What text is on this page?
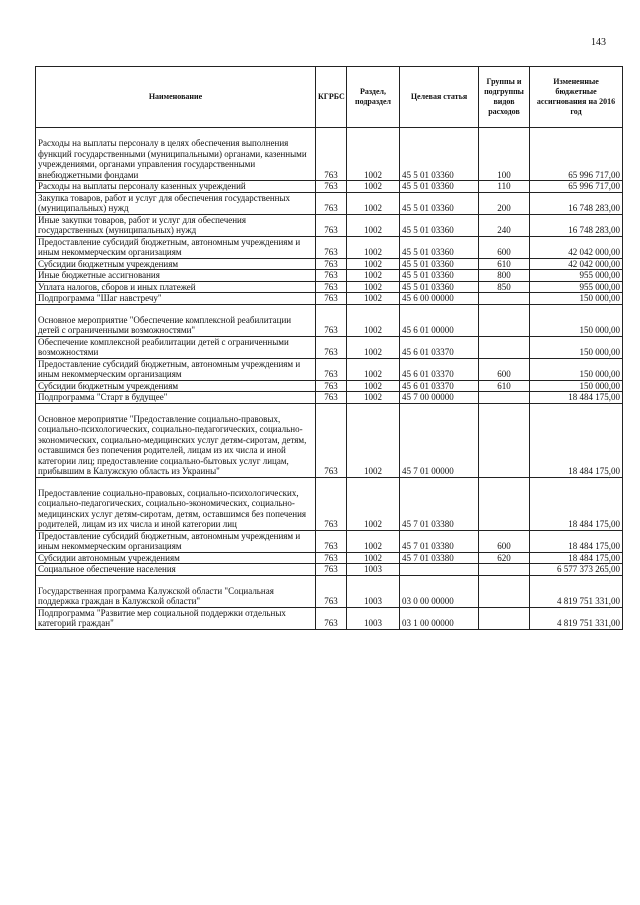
143
Наименование	КГРБС	Раздел, подраздел	Целевая статья	Группы и подгруппы видов расходов	Измененные бюджетные ассигнования на 2016 год

Расходы на выплаты персоналу в целях обеспечения выполнения функций государственными (муниципальными) органами, казенными учреждениями, органами управления государственными внебюджетными фондами	763	1002	45 5 01 03360	100	65 996 717,00
Расходы на выплаты персоналу казенных учреждений	763	1002	45 5 01 03360	110	65 996 717,00
Закупка товаров, работ и услуг для обеспечения государственных (муниципальных) нужд	763	1002	45 5 01 03360	200	16 748 283,00
Иные закупки товаров, работ и услуг для обеспечения государственных (муниципальных) нужд	763	1002	45 5 01 03360	240	16 748 283,00
Предоставление субсидий бюджетным, автономным учреждениям и иным некоммерческим организациям	763	1002	45 5 01 03360	600	42 042 000,00
Субсидии бюджетным учреждениям	763	1002	45 5 01 03360	610	42 042 000,00
Иные бюджетные ассигнования	763	1002	45 5 01 03360	800	955 000,00
Уплата налогов, сборов и иных платежей	763	1002	45 5 01 03360	850	955 000,00
Подпрограмма "Шаг навстречу"	763	1002	45 6 00 00000		150 000,00

Основное мероприятие "Обеспечение комплексной реабилитации детей с ограниченными возможностями"	763	1002	45 6 01 00000		150 000,00
Обеспечение комплексной реабилитации детей с ограниченными возможностями	763	1002	45 6 01 03370		150 000,00
Предоставление субсидий бюджетным, автономным учреждениям и иным некоммерческим организациям	763	1002	45 6 01 03370	600	150 000,00
Субсидии бюджетным учреждениям	763	1002	45 6 01 03370	610	150 000,00
Подпрограмма "Старт в будущее"	763	1002	45 7 00 00000		18 484 175,00

Основное мероприятие "Предоставление социально-правовых, социально-психологических, социально-педагогических, социально-экономических, социально-медицинских услуг детям-сиротам, детям, оставшимся без попечения родителей, лицам из их числа и иной категории лиц; предоставление социально-бытовых услуг лицам, прибывшим в Калужскую область из Украины"	763	1002	45 7 01 00000		18 484 175,00

Предоставление социально-правовых, социально-психологических, социально-педагогических, социально-экономических, социально-медицинских услуг детям-сиротам, детям, оставшимся без попечения родителей, лицам из их числа и иной категории лиц	763	1002	45 7 01 03380		18 484 175,00
Предоставление субсидий бюджетным, автономным учреждениям и иным некоммерческим организациям	763	1002	45 7 01 03380	600	18 484 175,00
Субсидии автономным учреждениям	763	1002	45 7 01 03380	620	18 484 175,00
Социальное обеспечение населения	763	1003			6 577 373 265,00

Государственная программа Калужской области "Социальная поддержка граждан в Калужской области"	763	1003	03 0 00 00000		4 819 751 331,00
Подпрограмма "Развитие мер социальной поддержки отдельных категорий граждан"	763	1003	03 1 00 00000		4 819 751 331,00
